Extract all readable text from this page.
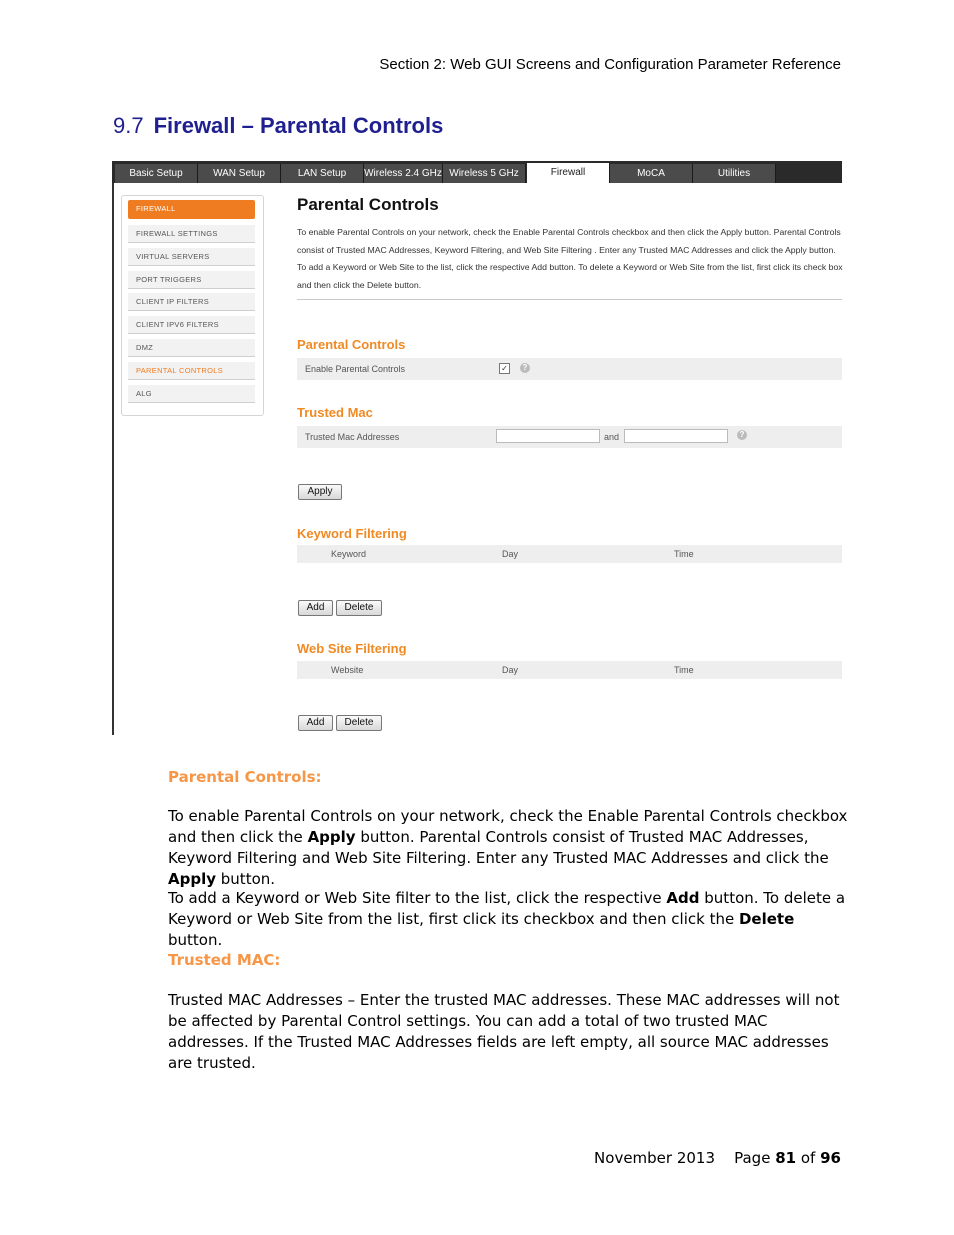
Section 2: Web GUI Screens and Configuration Parameter Reference
9.7 Firewall – Parental Controls
Basic Setup	WAN Setup	LAN Setup	Wireless 2.4 GHz Wireless 5 GHz	Firewall	MoCA	Utilities
FIREWALL
FIREWALL SETTINGS
VIRTUAL SERVERS
PORT TRIGGERS
CLIENT IP FILTERS
CLIENT IPV6 FILTERS
DMZ
PARENTAL CONTROLS
ALG
Parental Controls
To enable Parental Controls on your network, check the Enable Parental Controls checkbox and then click the Apply button. Parental Controls consist of Trusted MAC Addresses, Keyword Filtering, and Web Site Filtering . Enter any Trusted MAC Addresses and click the Apply button. To add a Keyword or Web Site to the list, click the respective Add button. To delete a Keyword or Web Site from the list, first click its check box and then click the Delete button.
Parental Controls
Enable Parental Controls	✓	?
Trusted Mac
Trusted Mac Addresses	and	?
Apply
Keyword Filtering
Keyword	Day	Time
Add	Delete
Web Site Filtering
Website	Day	Time
Add	Delete
Parental Controls:
To enable Parental Controls on your network, check the Enable Parental Controls checkbox and then click the Apply button. Parental Controls consist of Trusted MAC Addresses, Keyword Filtering and Web Site Filtering. Enter any Trusted MAC Addresses and click the Apply button.
To add a Keyword or Web Site filter to the list, click the respective Add button. To delete a Keyword or Web Site from the list, first click its checkbox and then click the Delete button.
Trusted MAC:
Trusted MAC Addresses – Enter the trusted MAC addresses. These MAC addresses will not be affected by Parental Control settings. You can add a total of two trusted MAC addresses. If the Trusted MAC Addresses fields are left empty, all source MAC addresses are trusted.
November 2013 Page 81 of 96
